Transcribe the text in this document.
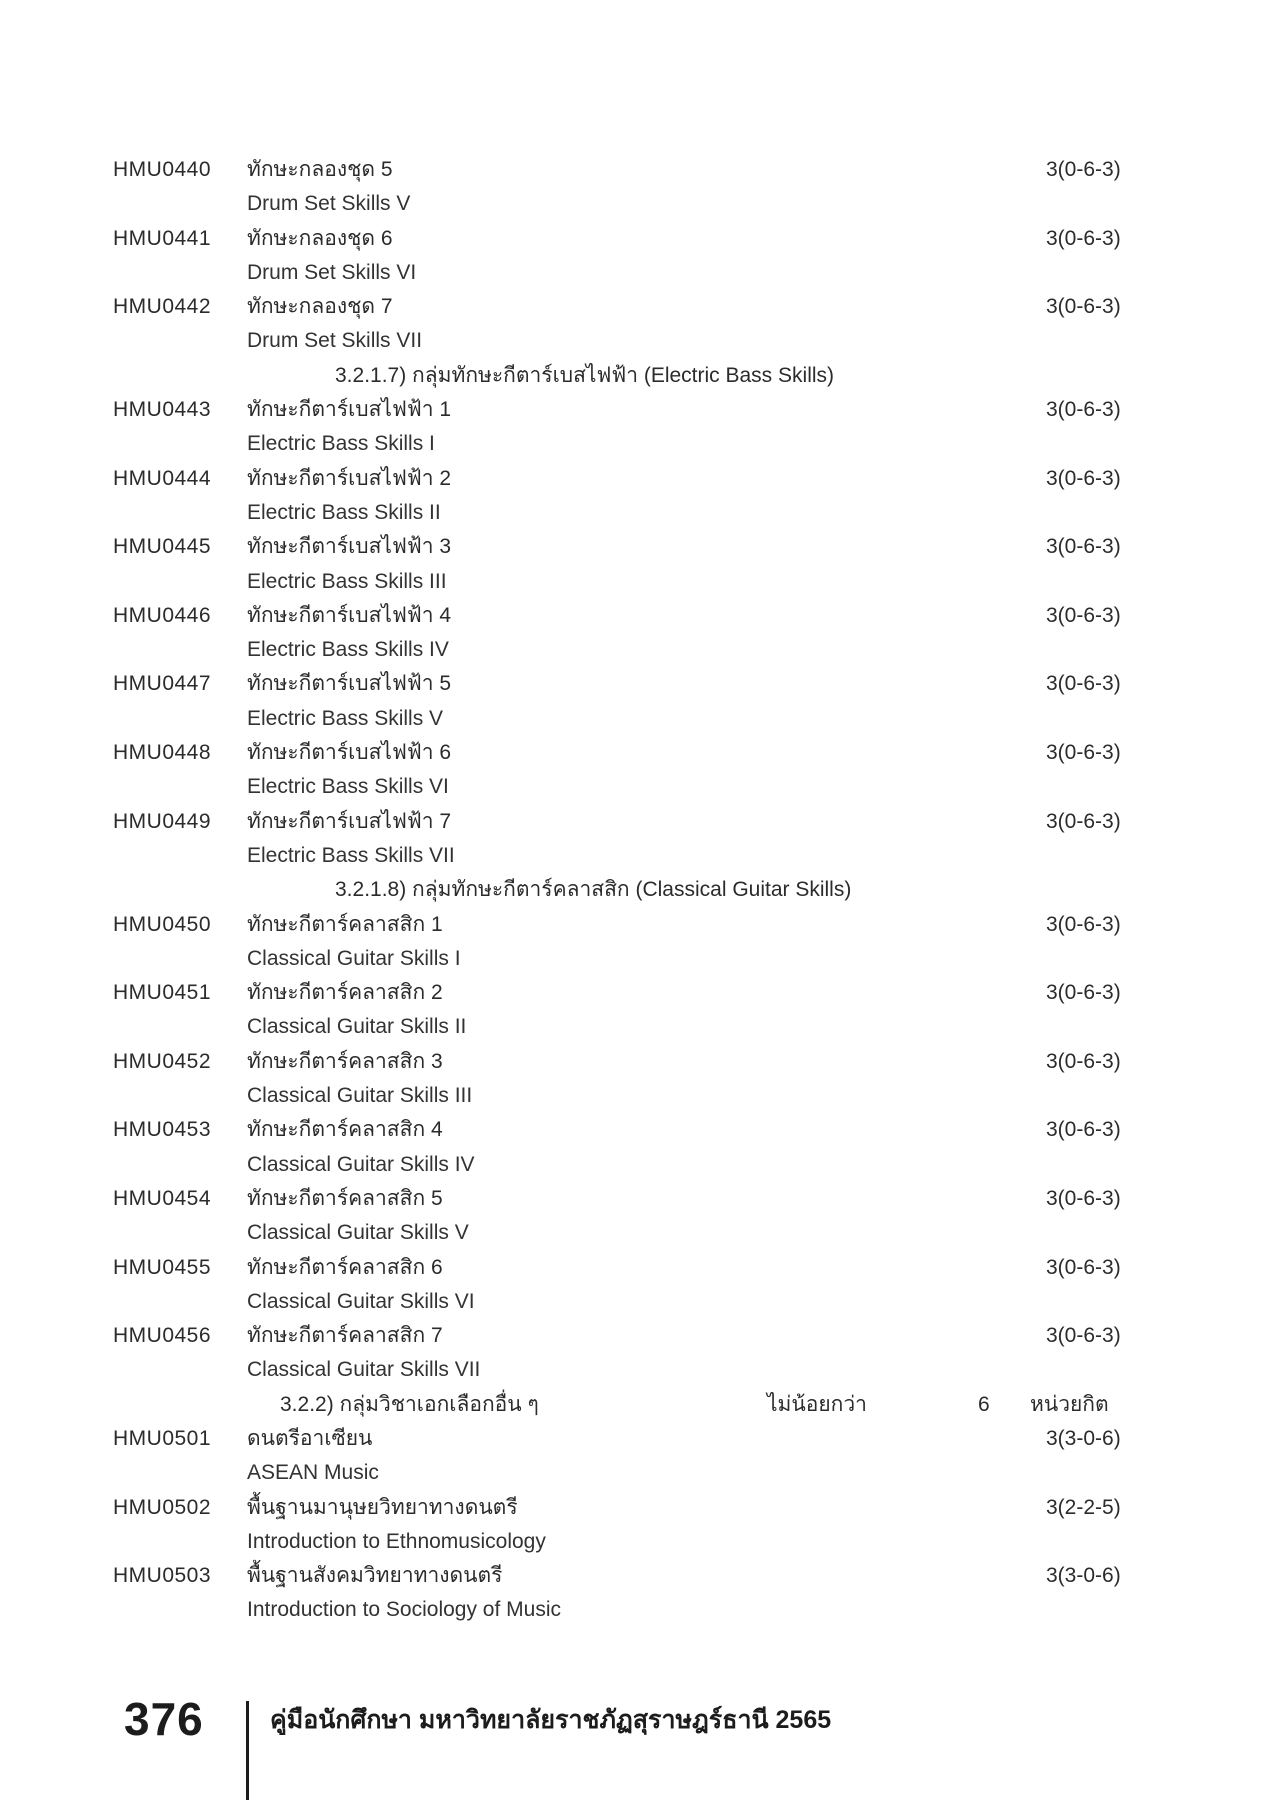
HMU0440 ทักษะกลองชุด 5	3(0-6-3)
Drum Set Skills V
HMU0441 ทักษะกลองชุด 6	3(0-6-3)
Drum Set Skills VI
HMU0442 ทักษะกลองชุด 7	3(0-6-3)
Drum Set Skills VII
3.2.1.7) กลุ่มทักษะกีตาร์เบสไฟฟ้า (Electric Bass Skills)
HMU0443 ทักษะกีตาร์เบสไฟฟ้า 1	3(0-6-3)
Electric Bass Skills I
HMU0444 ทักษะกีตาร์เบสไฟฟ้า 2	3(0-6-3)
Electric Bass Skills II
HMU0445 ทักษะกีตาร์เบสไฟฟ้า 3	3(0-6-3)
Electric Bass Skills III
HMU0446 ทักษะกีตาร์เบสไฟฟ้า 4	3(0-6-3)
Electric Bass Skills IV
HMU0447 ทักษะกีตาร์เบสไฟฟ้า 5	3(0-6-3)
Electric Bass Skills V
HMU0448 ทักษะกีตาร์เบสไฟฟ้า 6	3(0-6-3)
Electric Bass Skills VI
HMU0449 ทักษะกีตาร์เบสไฟฟ้า 7	3(0-6-3)
Electric Bass Skills VII
3.2.1.8) กลุ่มทักษะกีตาร์คลาสสิก (Classical Guitar Skills)
HMU0450 ทักษะกีตาร์คลาสสิก 1	3(0-6-3)
Classical Guitar Skills I
HMU0451 ทักษะกีตาร์คลาสสิก 2	3(0-6-3)
Classical Guitar Skills II
HMU0452 ทักษะกีตาร์คลาสสิก 3	3(0-6-3)
Classical Guitar Skills III
HMU0453 ทักษะกีตาร์คลาสสิก 4	3(0-6-3)
Classical Guitar Skills IV
HMU0454 ทักษะกีตาร์คลาสสิก 5	3(0-6-3)
Classical Guitar Skills V
HMU0455 ทักษะกีตาร์คลาสสิก 6	3(0-6-3)
Classical Guitar Skills VI
HMU0456 ทักษะกีตาร์คลาสสิก 7	3(0-6-3)
Classical Guitar Skills VII
3.2.2) กลุ่มวิชาเอกเลือกอื่น ๆ	ไม่น้อยกว่า	6 หน่วยกิต
HMU0501 ดนตรีอาเซียน	3(3-0-6)
ASEAN Music
HMU0502 พื้นฐานมานุษยวิทยาทางดนตรี	3(2-2-5)
Introduction to Ethnomusicology
HMU0503 พื้นฐานสังคมวิทยาทางดนตรี	3(3-0-6)
Introduction to Sociology of Music
376	คู่มือนักศึกษา มหาวิทยาลัยราชภัฏสุราษฎร์ธานี 2565
